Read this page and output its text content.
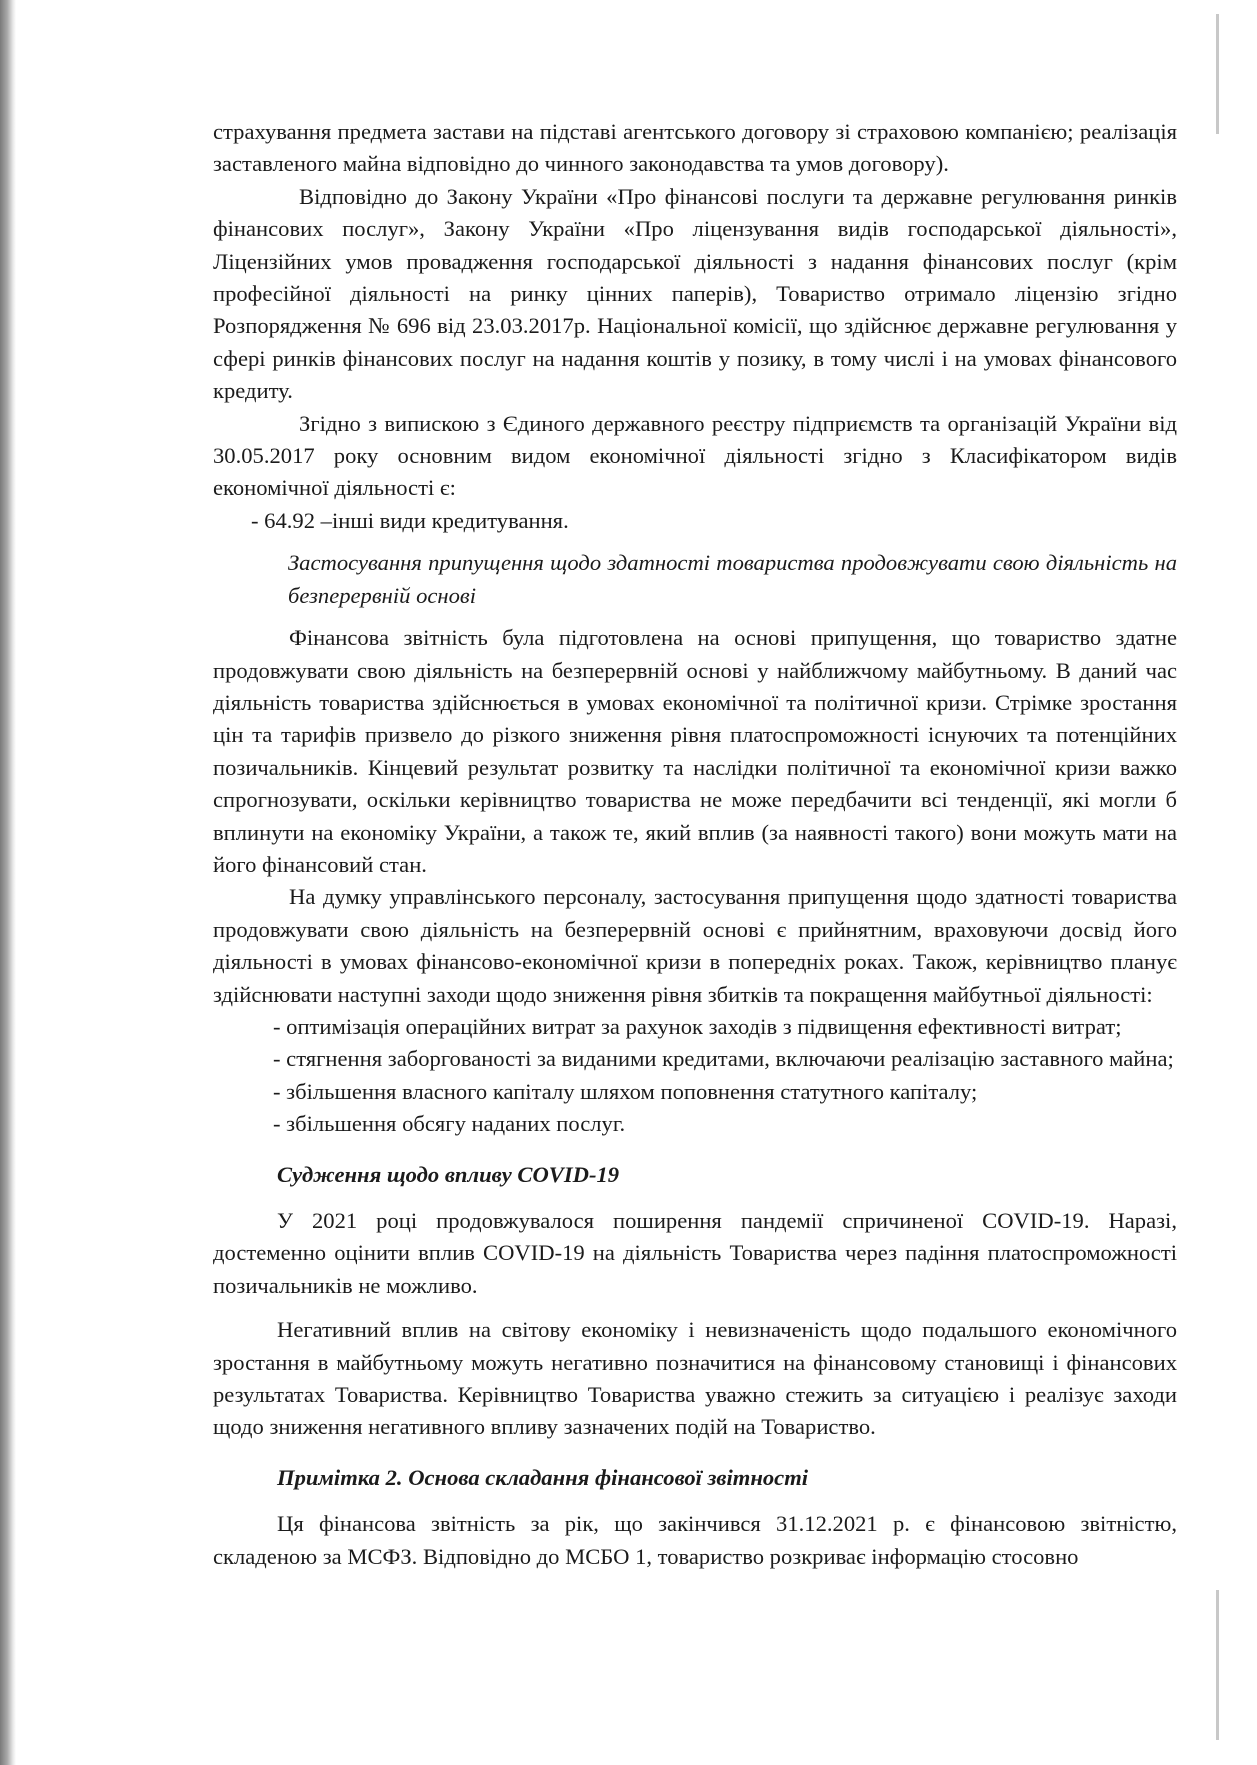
страхування предмета застави на підставі агентського договору зі страховою компанією; реалізація заставленого майна відповідно до чинного законодавства та умов договору).

Відповідно до Закону України «Про фінансові послуги та державне регулювання ринків фінансових послуг», Закону України «Про ліцензування видів господарської діяльності», Ліцензійних умов провадження господарської діяльності з надання фінансових послуг (крім професійної діяльності на ринку цінних паперів), Товариство отримало ліцензію згідно Розпорядження № 696 від 23.03.2017р. Національної комісії, що здійснює державне регулювання у сфері ринків фінансових послуг на надання коштів у позику, в тому числі і на умовах фінансового кредиту.

Згідно з випискою з Єдиного державного реєстру підприємств та організацій України від 30.05.2017 року основним видом економічної діяльності згідно з Класифікатором видів економічної діяльності є:

- 64.92 –інші види кредитування.

Застосування припущення щодо здатності товариства продовжувати свою діяльність на безперервній основі

Фінансова звітність була підготовлена на основі припущення, що товариство здатне продовжувати свою діяльність на безперервній основі у найближчому майбутньому. В даний час діяльність товариства здійснюється в умовах економічної та політичної кризи. Стрімке зростання цін та тарифів призвело до різкого зниження рівня платоспроможності існуючих та потенційних позичальників. Кінцевий результат розвитку та наслідки політичної та економічної кризи важко спрогнозувати, оскільки керівництво товариства не може передбачити всі тенденції, які могли б вплинути на економіку України, а також те, який вплив (за наявності такого) вони можуть мати на його фінансовий стан.

На думку управлінського персоналу, застосування припущення щодо здатності товариства продовжувати свою діяльність на безперервній основі є прийнятним, враховуючи досвід його діяльності в умовах фінансово-економічної кризи в попередніх роках. Також, керівництво планує здійснювати наступні заходи щодо зниження рівня збитків та покращення майбутньої діяльності:

- оптимізація операційних витрат за рахунок заходів з підвищення ефективності витрат;

- стягнення заборгованості за виданими кредитами, включаючи реалізацію заставного майна;

- збільшення власного капіталу шляхом поповнення статутного капіталу;

- збільшення обсягу наданих послуг.

Судження щодо впливу COVID-19

У 2021 році продовжувалося поширення пандемії спричиненої COVID-19. Наразі, достеменно оцінити вплив COVID-19 на діяльність Товариства через падіння платоспроможності позичальників не можливо.

Негативний вплив на світову економіку і невизначеність щодо подальшого економічного зростання в майбутньому можуть негативно позначитися на фінансовому становищі і фінансових результатах Товариства. Керівництво Товариства уважно стежить за ситуацією і реалізує заходи щодо зниження негативного впливу зазначених подій на Товариство.

Примітка 2. Основа складання фінансової звітності

Ця фінансова звітність за рік, що закінчився 31.12.2021 р. є фінансовою звітністю, складеною за МСФЗ. Відповідно до МСБО 1, товариство розкриває інформацію стосовно
